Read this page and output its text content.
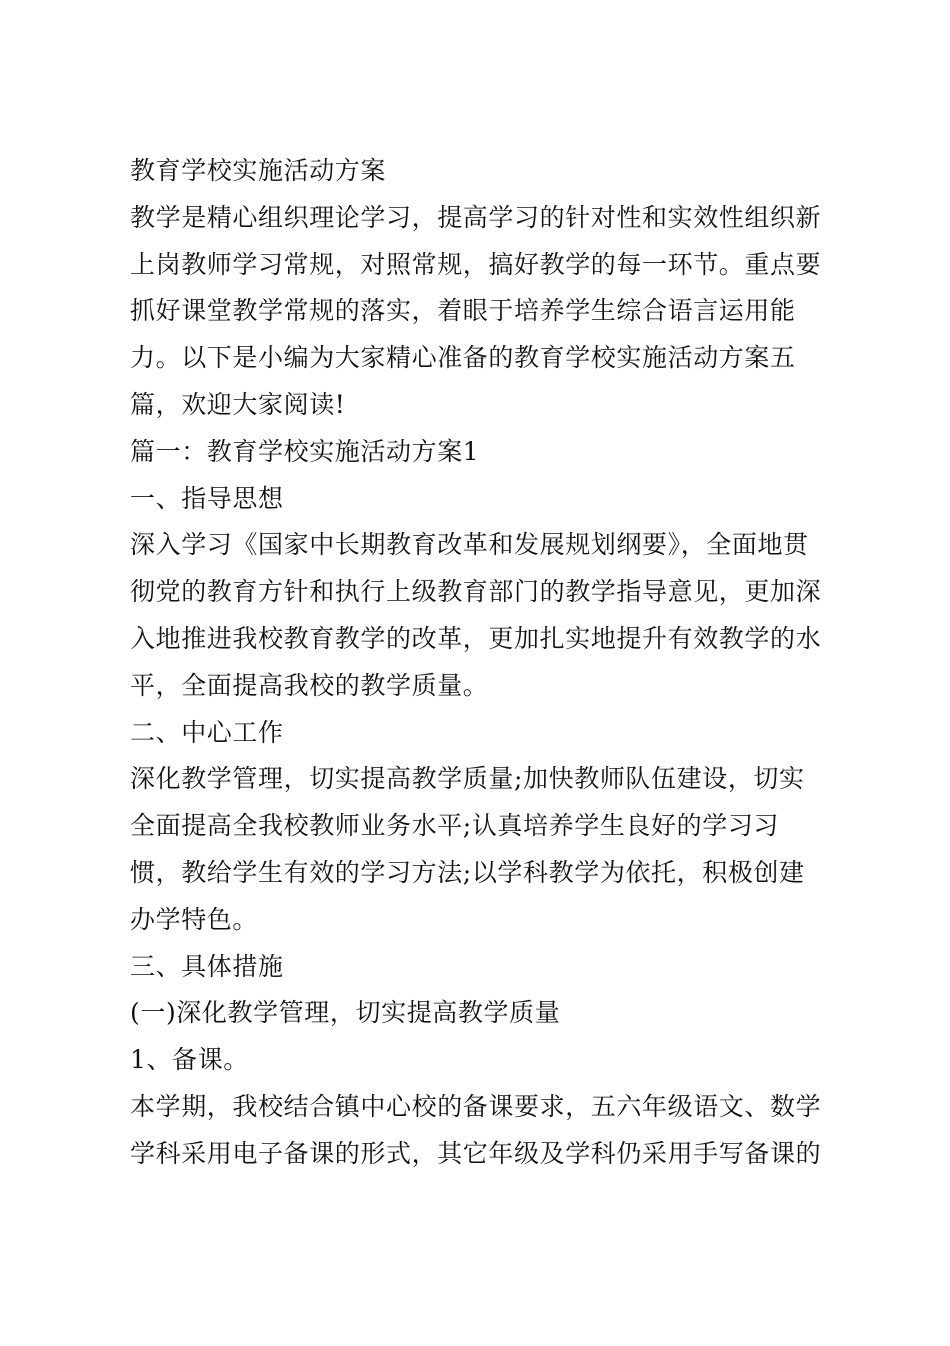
教育学校实施活动方案
教学是精心组织理论学习，提高学习的针对性和实效性组织新
上岗教师学习常规，对照常规，搞好教学的每一环节。重点要
抓好课堂教学常规的落实，着眼于培养学生综合语言运用能
力。以下是小编为大家精心准备的教育学校实施活动方案五
篇，欢迎大家阅读!
篇一：教育学校实施活动方案1
一、指导思想
深入学习《国家中长期教育改革和发展规划纲要》，全面地贯
彻党的教育方针和执行上级教育部门的教学指导意见，更加深
入地推进我校教育教学的改革，更加扎实地提升有效教学的水
平，全面提高我校的教学质量。
二、中心工作
深化教学管理，切实提高教学质量;加快教师队伍建设，切实
全面提高全我校教师业务水平;认真培养学生良好的学习习
惯，教给学生有效的学习方法;以学科教学为依托，积极创建
办学特色。
三、具体措施
(一)深化教学管理，切实提高教学质量
1、备课。
本学期，我校结合镇中心校的备课要求，五六年级语文、数学
学科采用电子备课的形式，其它年级及学科仍采用手写备课的
